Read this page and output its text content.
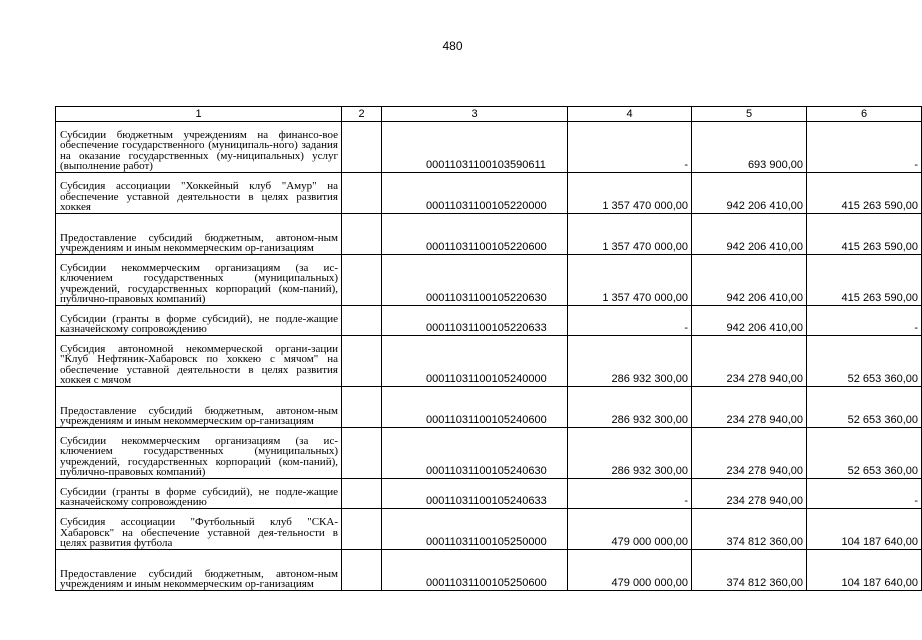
480
1	2	3	4	5	6
Субсидии бюджетным учреждениям на финансо-вое обеспечение государственного (муниципаль-ного) задания на оказание государственных (му-ниципальных) услуг (выполнение работ)		00011031100103590611	-	693 900,00	-
Субсидия ассоциации "Хоккейный клуб "Амур" на обеспечение уставной деятельности в целях развития хоккея		00011031100105220000	1 357 470 000,00	942 206 410,00	415 263 590,00
Предоставление субсидий бюджетным, автоном-ным учреждениям и иным некоммерческим ор-ганизациям		00011031100105220600	1 357 470 000,00	942 206 410,00	415 263 590,00
Субсидии некоммерческим организациям (за ис-ключением государственных (муниципальных) учреждений, государственных корпораций (ком-паний), публично-правовых компаний)		00011031100105220630	1 357 470 000,00	942 206 410,00	415 263 590,00
Субсидии (гранты в форме субсидий), не подле-жащие казначейскому сопровождению		00011031100105220633	-	942 206 410,00	-
Субсидия автономной некоммерческой органи-зации "Клуб Нефтяник-Хабаровск по хоккею с мячом" на обеспечение уставной деятельности в целях развития хоккея с мячом		00011031100105240000	286 932 300,00	234 278 940,00	52 653 360,00
Предоставление субсидий бюджетным, автоном-ным учреждениям и иным некоммерческим ор-ганизациям		00011031100105240600	286 932 300,00	234 278 940,00	52 653 360,00
Субсидии некоммерческим организациям (за ис-ключением государственных (муниципальных) учреждений, государственных корпораций (ком-паний), публично-правовых компаний)		00011031100105240630	286 932 300,00	234 278 940,00	52 653 360,00
Субсидии (гранты в форме субсидий), не подле-жащие казначейскому сопровождению		00011031100105240633	-	234 278 940,00	-
Субсидия ассоциации "Футбольный клуб "СКА-Хабаровск" на обеспечение уставной дея-тельности в целях развития футбола		00011031100105250000	479 000 000,00	374 812 360,00	104 187 640,00
Предоставление субсидий бюджетным, автоном-ным учреждениям и иным некоммерческим ор-ганизациям		00011031100105250600	479 000 000,00	374 812 360,00	104 187 640,00
